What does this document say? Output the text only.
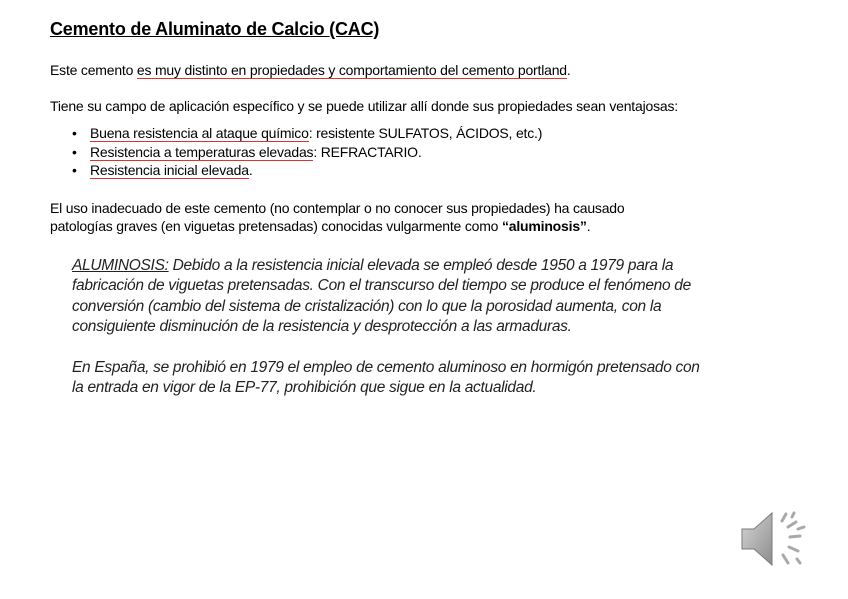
Cemento de Aluminato de Calcio (CAC)
Este cemento es muy distinto en propiedades y comportamiento del cemento portland.
Tiene su campo de aplicación específico y se puede utilizar allí donde sus propiedades sean ventajosas:
• Buena resistencia al ataque químico: resistente SULFATOS, ÁCIDOS, etc.)
• Resistencia a temperaturas elevadas: REFRACTARIO.
• Resistencia inicial elevada.
El uso inadecuado de este cemento (no contemplar o no conocer sus propiedades) ha causado
patologías graves (en viguetas pretensadas) conocidas vulgarmente como “aluminosis”.
ALUMINOSIS: Debido a la resistencia inicial elevada se empleó desde 1950 a 1979 para la
fabricación de viguetas pretensadas. Con el transcurso del tiempo se produce el fenómeno de
conversión (cambio del sistema de cristalización) con lo que la porosidad aumenta, con la
consiguiente disminución de la resistencia y desprotección a las armaduras.
En España, se prohibió en 1979 el empleo de cemento aluminoso en hormigón pretensado con
la entrada en vigor de la EP-77, prohibición que sigue en la actualidad.
